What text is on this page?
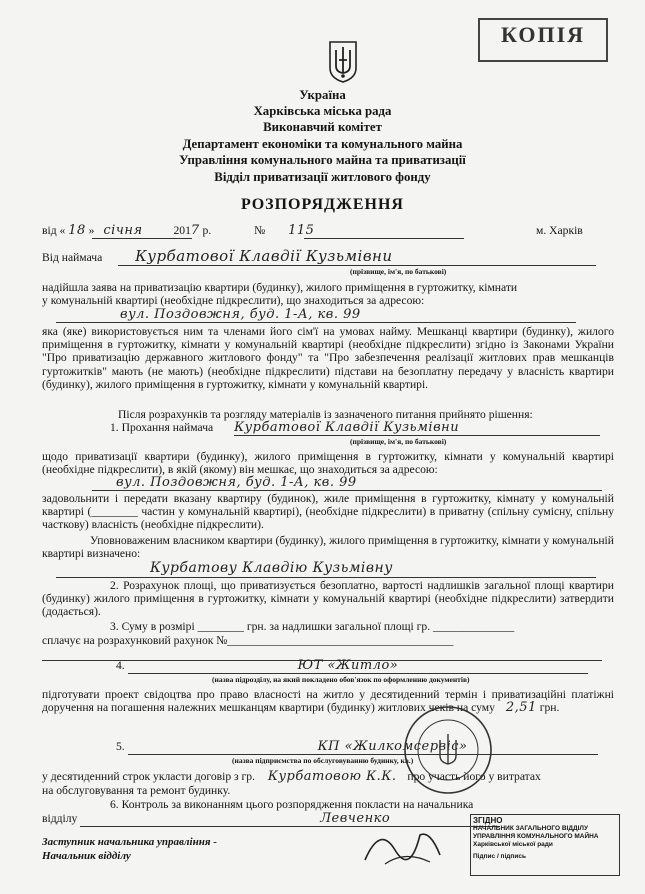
КОПІЯ
Україна
Харківська міська рада
Виконавчий комітет
Департамент економіки та комунального майна
Управління комунального майна та приватизації
Відділ приватизації житлового фонду
РОЗПОРЯДЖЕННЯ
від « 18 » січня	2017 р.	№ 115	м. Харків
Від наймача Курбатової Клавдії Кузьмівни
(прізвище, ім'я, по батькові)
надійшла заява на приватизацію квартири (будинку), жилого приміщення в гуртожитку, кімнати
у комунальній квартирі (необхідне підкреслити), що знаходиться за адресою:
вул. Поздовжня, буд. 1-А, кв. 99
яка (яке) використовується ним та членами його сім'ї на умовах найму. Мешканці квартири (будинку), жилого приміщення в гуртожитку, кімнати у комунальній квартирі (необхідне підкреслити) згідно із Законами України "Про приватизацію державного житлового фонду" та "Про забезпечення реалізації житлових прав мешканців гуртожитків" мають (не мають) (необхідне підкреслити) підстави на безоплатну передачу у власність квартири (будинку), жилого приміщення в гуртожитку, кімнати у комунальній квартирі.
Після розрахунків та розгляду матеріалів із зазначеного питання прийнято рішення:
1. Прохання наймача Курбатової Клавдії Кузьмівни
(прізвище, ім'я, по батькові)
щодо приватизації квартири (будинку), жилого приміщення в гуртожитку, кімнати у комунальній квартирі (необхідне підкреслити), в якій (якому) він мешкає, що знаходиться за адресою:
вул. Поздовжня, буд. 1-А, кв. 99
задовольнити і передати вказану квартиру (будинок), жиле приміщення в гуртожитку, кімнату у комунальній квартирі (________ частин у комунальній квартирі), (необхідне підкреслити) в приватну (спільну сумісну, спільну часткову) власність (необхідне підкреслити).
Уповноваженим власником квартири (будинку), жилого приміщення в гуртожитку, кімнати у комунальній квартирі визначено:
Курбатову Клавдію Кузьмівну
2. Розрахунок площі, що приватизується безоплатно, вартості надлишків загальної площі квартири (будинку) жилого приміщення в гуртожитку, кімнати у комунальній квартирі (необхідне підкреслити) затвердити (додається).
3. Суму в розмірі ________ грн. за надлишки загальної площі гр. ______________
сплачує на розрахунковий рахунок №_______________________________________
4.	ЮТ «Житло»
(назва підрозділу, на який покладено обов'язок по оформленню документів)
підготувати проект свідоцтва про право власності на житло у десятиденний термін і приватизаційні платіжні доручення на погашення належних мешканцям квартири (будинку) житлових чеків на суму 2,51 грн.
5.	КП «Жилкомсервіс»
(назва підприємства по обслуговуванню будинку, кв.)
у десятиденний строк укласти договір з гр. Курбатовою К.К. про участь його у витратах
на обслуговування та ремонт будинку.
6. Контроль за виконанням цього розпорядження покласти на начальника
відділу	Левченко
Заступник начальника управління -
Начальник відділу
ЗГІДНО
НАЧАЛЬНИК ЗАГАЛЬНОГО ВІДДІЛУ
УПРАВЛІННЯ КОМУНАЛЬНОГО МАЙНА
Харківської міської ради
Підпис / підпись
